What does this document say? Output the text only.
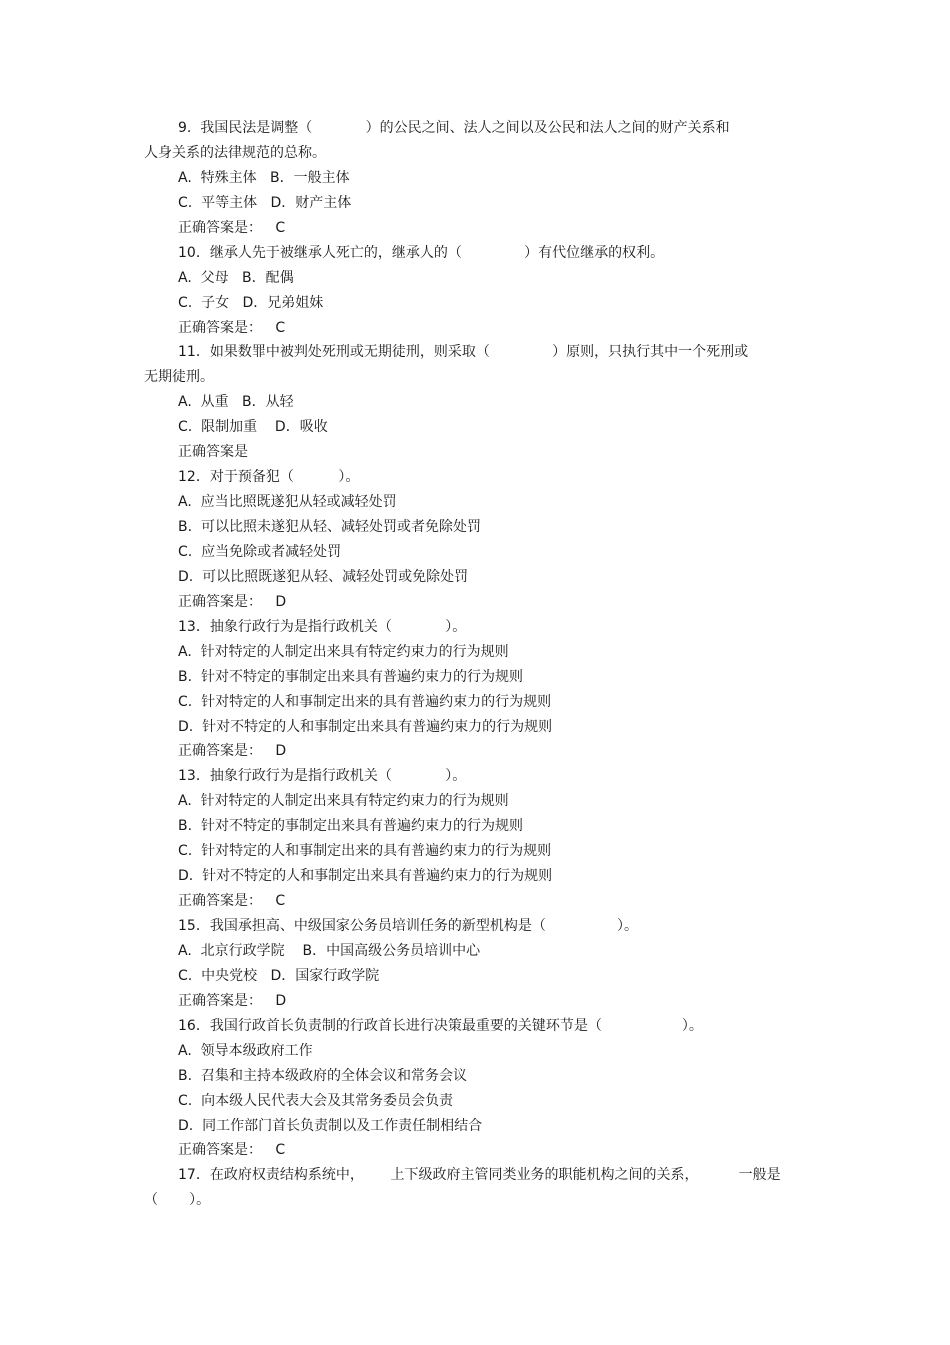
9.  我国民法是调整（            ）的公民之间、法人之间以及公民和法人之间的财产关系和
人身关系的法律规范的总称。
A.  特殊主体   B．一般主体
C.  平等主体   D．财产主体
正确答案是：   C
10．继承人先于被继承人死亡的，继承人的（              ）有代位继承的权利。
A.  父母   B．配偶
C.  子女   D．兄弟姐妹
正确答案是：   C
11．如果数罪中被判处死刑或无期徒刑，则采取（              ）原则，只执行其中一个死刑或
无期徒刑。
A.  从重   B．从轻
C.  限制加重    D．吸收
正确答案是
12．对于预备犯（          ）。
A.  应当比照既遂犯从轻或减轻处罚
B.  可以比照未遂犯从轻、减轻处罚或者免除处罚
C.  应当免除或者减轻处罚
D.  可以比照既遂犯从轻、减轻处罚或免除处罚
正确答案是：   D
13．抽象行政行为是指行政机关（            ）。
A.  针对特定的人制定出来具有特定约束力的行为规则
B.  针对不特定的事制定出来具有普遍约束力的行为规则
C.  针对特定的人和事制定出来的具有普遍约束力的行为规则
D.  针对不特定的人和事制定出来具有普遍约束力的行为规则
正确答案是：   D
13．抽象行政行为是指行政机关（            ）。
A.  针对特定的人制定出来具有特定约束力的行为规则
B.  针对不特定的事制定出来具有普遍约束力的行为规则
C.  针对特定的人和事制定出来的具有普遍约束力的行为规则
D.  针对不特定的人和事制定出来具有普遍约束力的行为规则
正确答案是：   C
15．我国承担高、中级国家公务员培训任务的新型机构是（                ）。
A.  北京行政学院    B．中国高级公务员培训中心
C.  中央党校   D．国家行政学院
正确答案是：   D
16．我国行政首长负责制的行政首长进行决策最重要的关键环节是（                  ）。
A.  领导本级政府工作
B.  召集和主持本级政府的全体会议和常务会议
C.  向本级人民代表大会及其常务委员会负责
D.  同工作部门首长负责制以及工作责任制相结合
正确答案是：   C
17．在政府权责结构系统中，      上下级政府主管同类业务的职能机构之间的关系，         一般是
（       ）。
